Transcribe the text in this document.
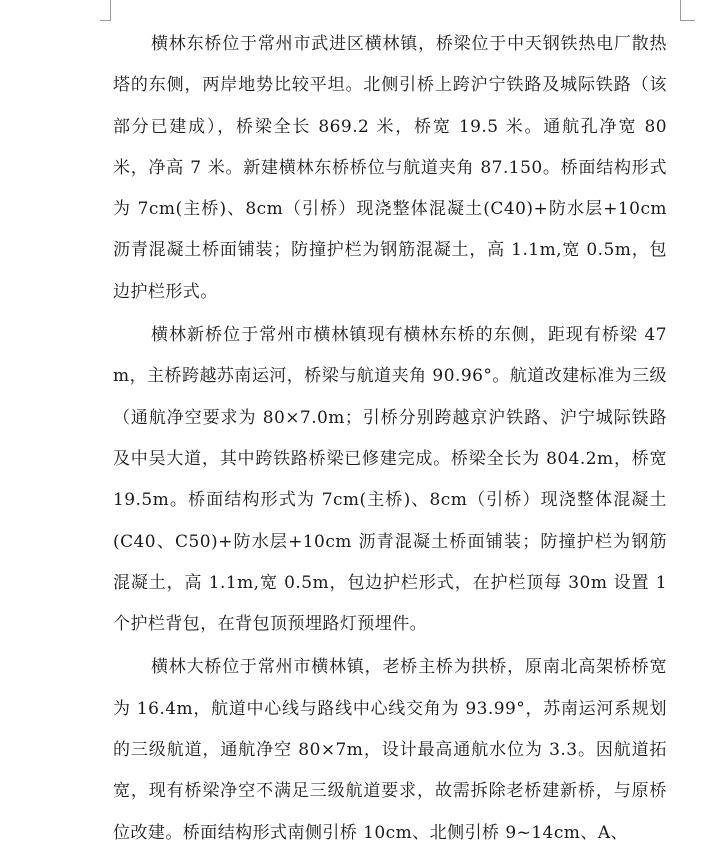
横林东桥位于常州市武进区横林镇，桥梁位于中天钢铁热电厂散热塔的东侧，两岸地势比较平坦。北侧引桥上跨沪宁铁路及城际铁路（该部分已建成），桥梁全长 869.2 米，桥宽 19.5 米。通航孔净宽 80 米，净高 7 米。新建横林东桥桥位与航道夹角 87.150。桥面结构形式为 7cm(主桥)、8cm（引桥）现浇整体混凝土(C40)+防水层+10cm 沥青混凝土桥面铺装；防撞护栏为钢筋混凝土，高 1.1m,宽 0.5m，包边护栏形式。

横林新桥位于常州市横林镇现有横林东桥的东侧，距现有桥梁 47m，主桥跨越苏南运河，桥梁与航道夹角 90.96°。航道改建标准为三级（通航净空要求为 80×7.0m；引桥分别跨越京沪铁路、沪宁城际铁路及中吴大道，其中跨铁路桥梁已修建完成。桥梁全长为 804.2m，桥宽 19.5m。桥面结构形式为 7cm(主桥)、8cm（引桥）现浇整体混凝土(C40、C50)+防水层+10cm 沥青混凝土桥面铺装；防撞护栏为钢筋混凝土，高 1.1m,宽 0.5m，包边护栏形式，在护栏顶每 30m 设置 1 个护栏背包，在背包顶预埋路灯预埋件。

横林大桥位于常州市横林镇，老桥主桥为拱桥，原南北高架桥桥宽为 16.4m，航道中心线与路线中心线交角为 93.99°，苏南运河系规划的三级航道，通航净空 80×7m，设计最高通航水位为 3.3。因航道拓宽，现有桥梁净空不满足三级航道要求，故需拆除老桥建新桥，与原桥位改建。桥面结构形式南侧引桥 10cm、北侧引桥 9~14cm、A、
